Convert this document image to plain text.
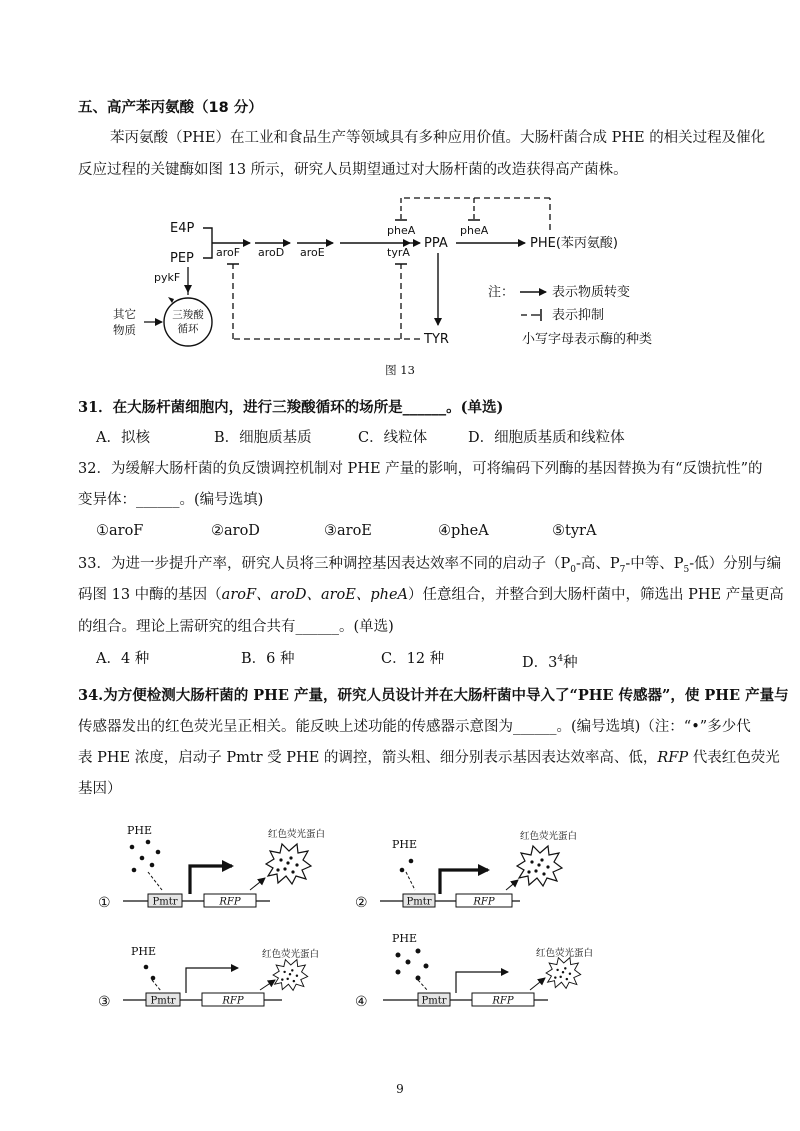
五、高产苯丙氨酸（18 分）
苯丙氨酸（PHE）在工业和食品生产等领域具有多种应用价值。大肠杆菌合成 PHE 的相关过程及催化
反应过程的关键酶如图 13 所示，研究人员期望通过对大肠杆菌的改造获得高产菌株。
E4P
PEP
pykF
三羧酸
循环
其它
物质
aroF aroD aroE
pheA
tyrA
PPA
pheA
PHE(苯丙氨酸)
TYR
注：	表示物质转变
表示抑制
小写字母表示酶的种类
图 13
31．在大肠杆菌细胞内，进行三羧酸循环的场所是______。(单选)
A．拟核	B．细胞质基质	C．线粒体	D．细胞质基质和线粒体
32．为缓解大肠杆菌的负反馈调控机制对 PHE 产量的影响，可将编码下列酶的基因替换为有“反馈抗性”的
变异体：______。(编号选填)
①aroF	②aroD	③aroE	④pheA	⑤tyrA
33．为进一步提升产率，研究人员将三种调控基因表达效率不同的启动子（$P_0-$高、$P_7-$中等、$P_5-$低）分别与编
码图 13 中酶的基因（aroF、aroD、aroE、pheA）任意组合，并整合到大肠杆菌中，筛选出 PHE 产量更高
的组合。理论上需研究的组合共有______。(单选)
A．4 种	B．6 种	C．12 种	D．$3^4$种
34.为方便检测大肠杆菌的 PHE 产量，研究人员设计并在大肠杆菌中导入了“PHE 传感器”，使 PHE 产量与
传感器发出的红色荧光呈正相关。能反映上述功能的传感器示意图为______。(编号选填)（注：“•”多少代
表 PHE 浓度，启动子 Pmtr 受 PHE 的调控，箭头粗、细分别表示基因表达效率高、低，RFP 代表红色荧光
基因）
①
PHE
Pmtr	RFP
红色荧光蛋白
②
PHE
Pmtr	RFP
红色荧光蛋白
③
PHE
Pmtr	RFP
红色荧光蛋白
④
PHE
Pmtr	RFP
红色荧光蛋白
9
